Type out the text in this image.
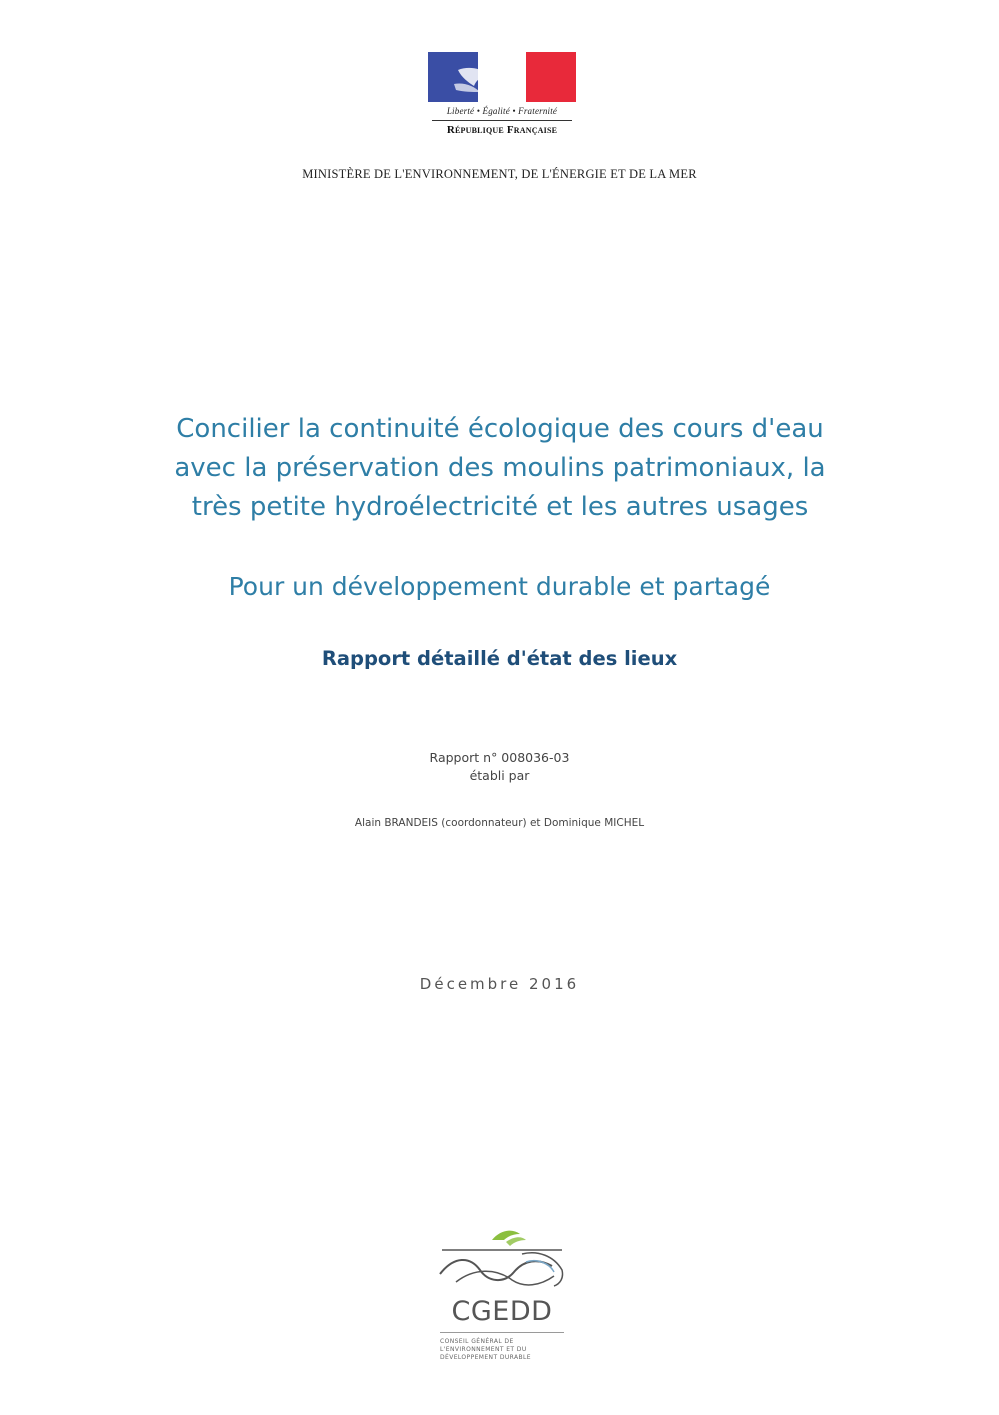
Liberté • Égalité • Fraternité
République Française
MINISTÈRE DE L'ENVIRONNEMENT, DE L'ÉNERGIE ET DE LA MER
Concilier la continuité écologique des cours d'eau
avec la préservation des moulins patrimoniaux, la
très petite hydroélectricité et les autres usages
Pour un développement durable et partagé
Rapport détaillé d'état des lieux
Rapport n° 008036-03
établi par
Alain BRANDEIS (coordonnateur) et Dominique MICHEL
Décembre 2016
CGEDD
CONSEIL GÉNÉRAL DE L'ENVIRONNEMENT ET DU DÉVELOPPEMENT DURABLE
